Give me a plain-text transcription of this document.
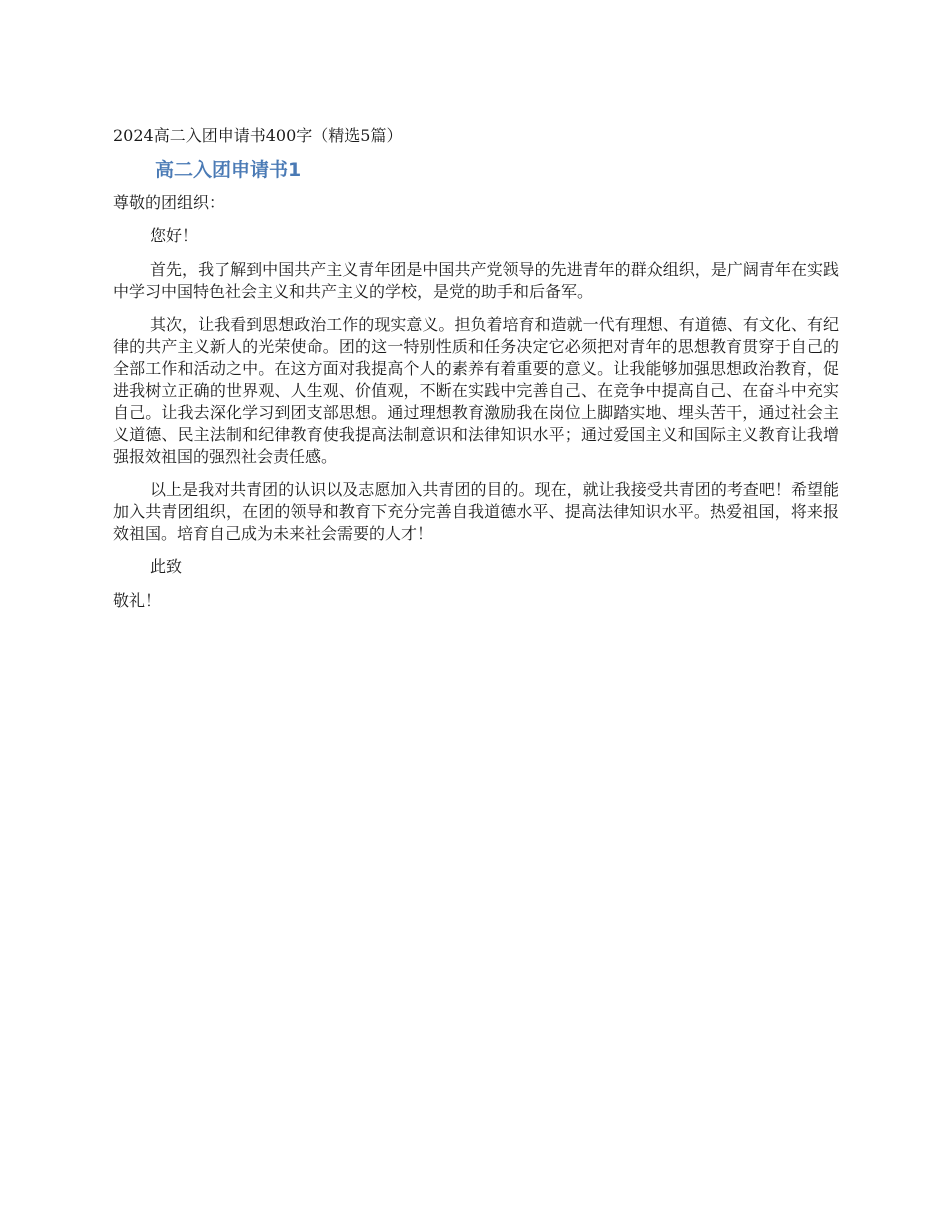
2024高二入团申请书400字（精选5篇）
高二入团申请书1

尊敬的团组织：

您好！

首先，我了解到中国共产主义青年团是中国共产党领导的先进青年的群众组织，是广阔青年在实践中学习中国特色社会主义和共产主义的学校，是党的助手和后备军。

其次，让我看到思想政治工作的现实意义。担负着培育和造就一代有理想、有道德、有文化、有纪律的共产主义新人的光荣使命。团的这一特别性质和任务决定它必须把对青年的思想教育贯穿于自己的全部工作和活动之中。在这方面对我提高个人的素养有着重要的意义。让我能够加强思想政治教育，促进我树立正确的世界观、人生观、价值观，不断在实践中完善自己、在竞争中提高自己、在奋斗中充实自己。让我去深化学习到团支部思想。通过理想教育激励我在岗位上脚踏实地、埋头苦干，通过社会主义道德、民主法制和纪律教育使我提高法制意识和法律知识水平；通过爱国主义和国际主义教育让我增强报效祖国的强烈社会责任感。

以上是我对共青团的认识以及志愿加入共青团的目的。现在，就让我接受共青团的考查吧！希望能加入共青团组织，在团的领导和教育下充分完善自我道德水平、提高法律知识水平。热爱祖国，将来报效祖国。培育自己成为未来社会需要的人才！

此致

敬礼！
